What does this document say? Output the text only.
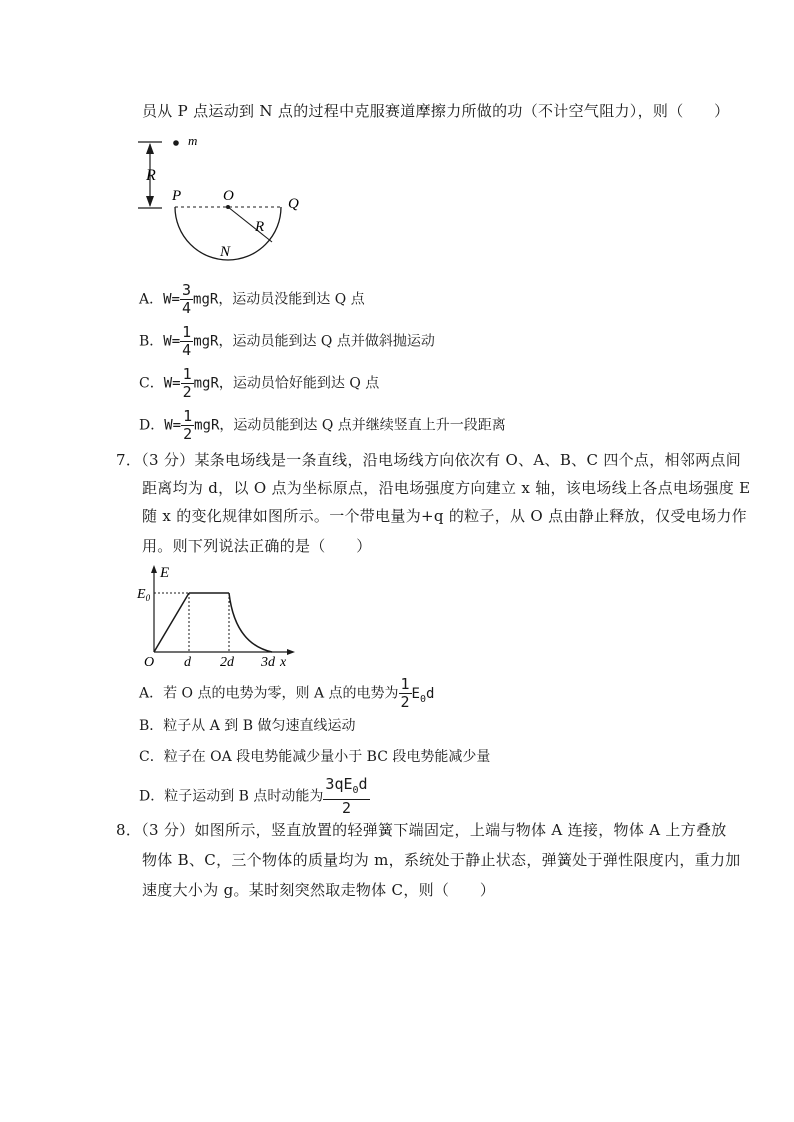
员从 P 点运动到 N 点的过程中克服赛道摩擦力所做的功（不计空气阻力），则（　　）
R
m
P	O	Q
R
N
A．$W= \frac{3}{4}$ mgR，运动员没能到达 Q 点
B．$W= \frac{1}{4}$ mgR，运动员能到达 Q 点并做斜抛运动
C．$W= \frac{1}{2}$ mgR，运动员恰好能到达 Q 点
D．$W= \frac{1}{2}$ mgR，运动员能到达 Q 点并继续竖直上升一段距离
7．（3 分）某条电场线是一条直线，沿电场线方向依次有 O、A、B、C 四个点，相邻两点间
距离均为 d，以 O 点为坐标原点，沿电场强度方向建立 x 轴，该电场线上各点电场强度 E
随 x 的变化规律如图所示。一个带电量为+q 的粒子，从 O 点由静止释放，仅受电场力作
用。则下列说法正确的是（　　）
E
$E_0$
O d 2d 3d x
A．若 O 点的电势为零，则 A 点的电势为 $\frac{1}{2} E_0d$
B．粒子从 A 到 B 做匀速直线运动
C．粒子在 OA 段电势能减少量小于 BC 段电势能减少量
D．粒子运动到 B 点时动能为 $\frac{3qE_0d}{2}$
8．（3 分）如图所示，竖直放置的轻弹簧下端固定，上端与物体 A 连接，物体 A 上方叠放
物体 B、C，三个物体的质量均为 m，系统处于静止状态，弹簧处于弹性限度内，重力加
速度大小为 g。某时刻突然取走物体 C，则（　　）
